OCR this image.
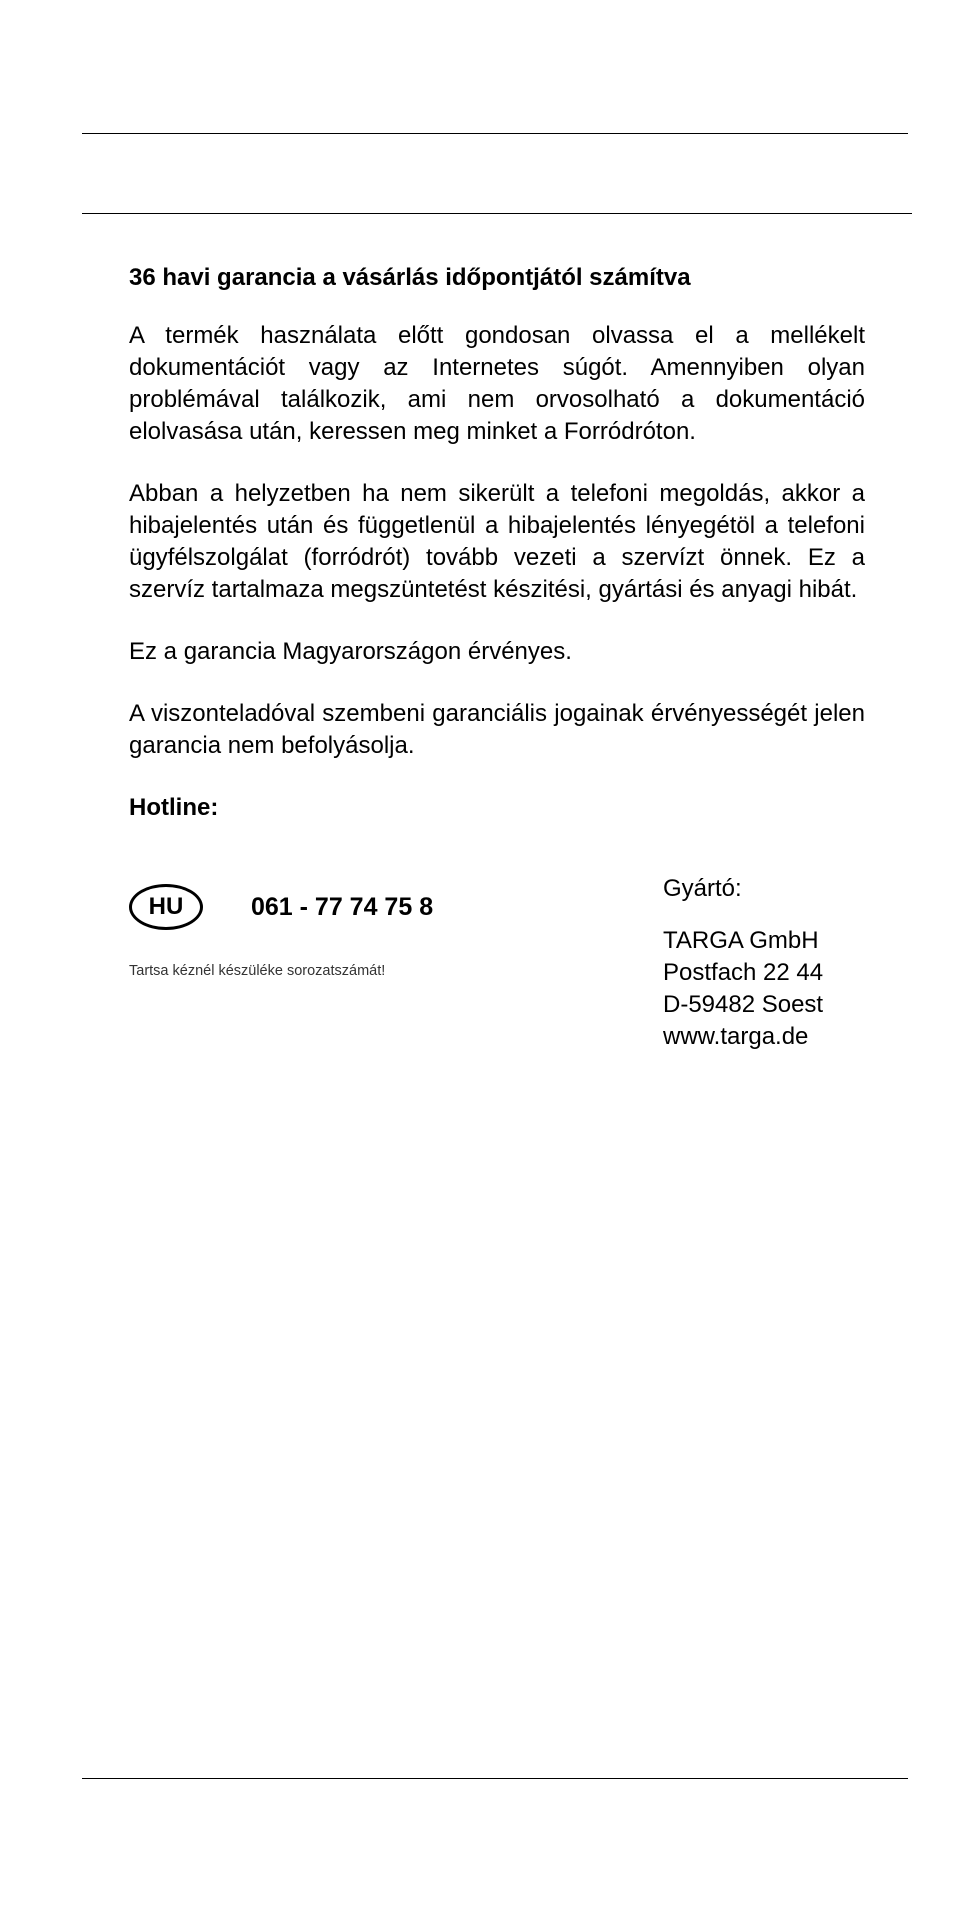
36 havi garancia a vásárlás időpontjától számítva
A termék használata előtt gondosan olvassa el a mellékelt dokumentációt vagy az Internetes súgót. Amennyiben olyan problémával találkozik, ami nem orvosolható a dokumentáció elolvasása után, keressen meg minket a Forródróton.
Abban a helyzetben ha nem sikerült a telefoni megoldás, akkor a hibajelentés után és függetlenül a hibajelentés lényegétöl a telefoni ügyfélszolgálat (forródrót) tovább vezeti a szervízt önnek. Ez a szervíz tartalmaza megszüntetést készitési, gyártási és anyagi hibát.
Ez a garancia Magyarországon érvényes.
A viszonteladóval szembeni garanciális jogainak érvényességét jelen garancia nem befolyásolja.
Hotline:
HU	061 - 77 74 75 8
Tartsa kéznél készüléke sorozatszámát!
Gyártó:
TARGA GmbH
Postfach 22 44
D-59482 Soest
www.targa.de
